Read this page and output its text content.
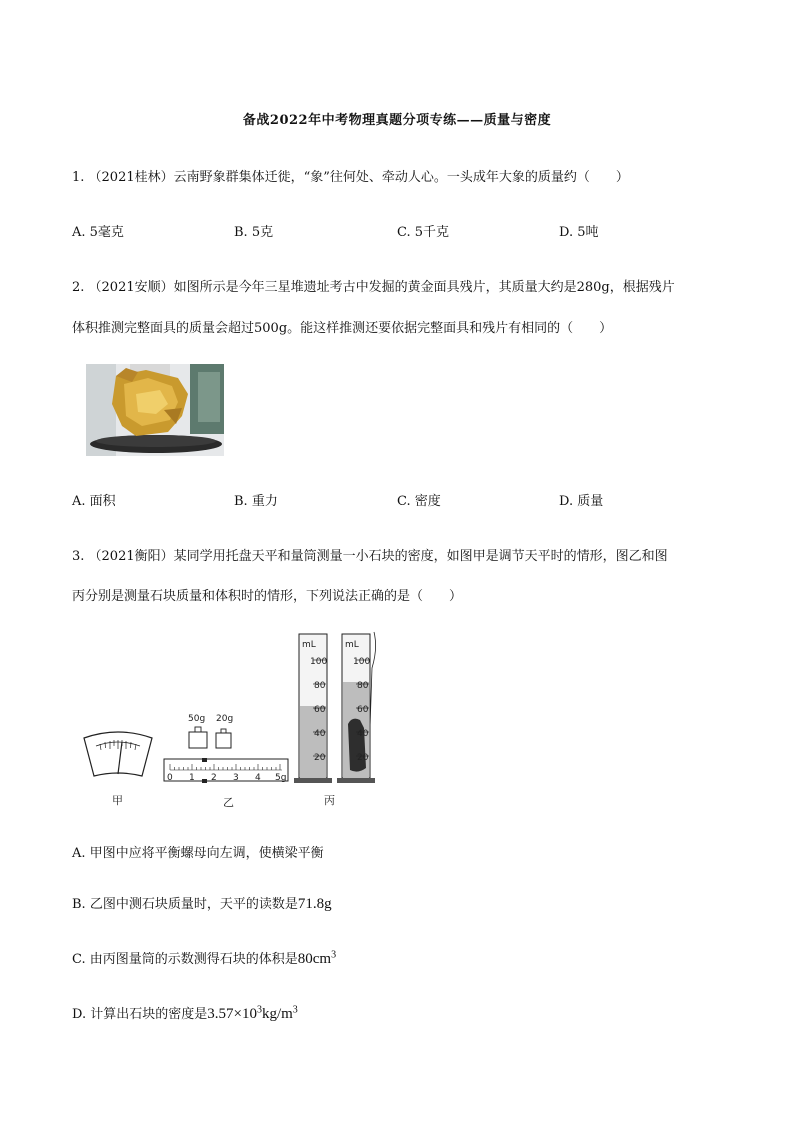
备战2022年中考物理真题分项专练——质量与密度
1. （2021桂林）云南野象群集体迁徙，“象”往何处、牵动人心。一头成年大象的质量约（　　）
A. 5毫克	B. 5克	C. 5千克	D. 5吨
2. （2021安顺）如图所示是今年三星堆遗址考古中发掘的黄金面具残片，其质量大约是280g，根据残片
体积推测完整面具的质量会超过500g。能这样推测还要依据完整面具和残片有相同的（　　）
A. 面积	B. 重力	C. 密度	D. 质量
3. （2021衡阳）某同学用托盘天平和量筒测量一小石块的密度，如图甲是调节天平时的情形，图乙和图
丙分别是测量石块质量和体积时的情形，下列说法正确的是（　　）
甲
50g 20g
0 1 2 3 4 5g
乙
mL
100
80
60
40
20
mL
100
80
60
40
20
丙
A. 甲图中应将平衡螺母向左调，使横梁平衡
B. 乙图中测石块质量时，天平的读数是71.8g
C. 由丙图量筒的示数测得石块的体积是$80cm^3$
D. 计算出石块的密度是$3.57\times 10^3kg/m^3$
